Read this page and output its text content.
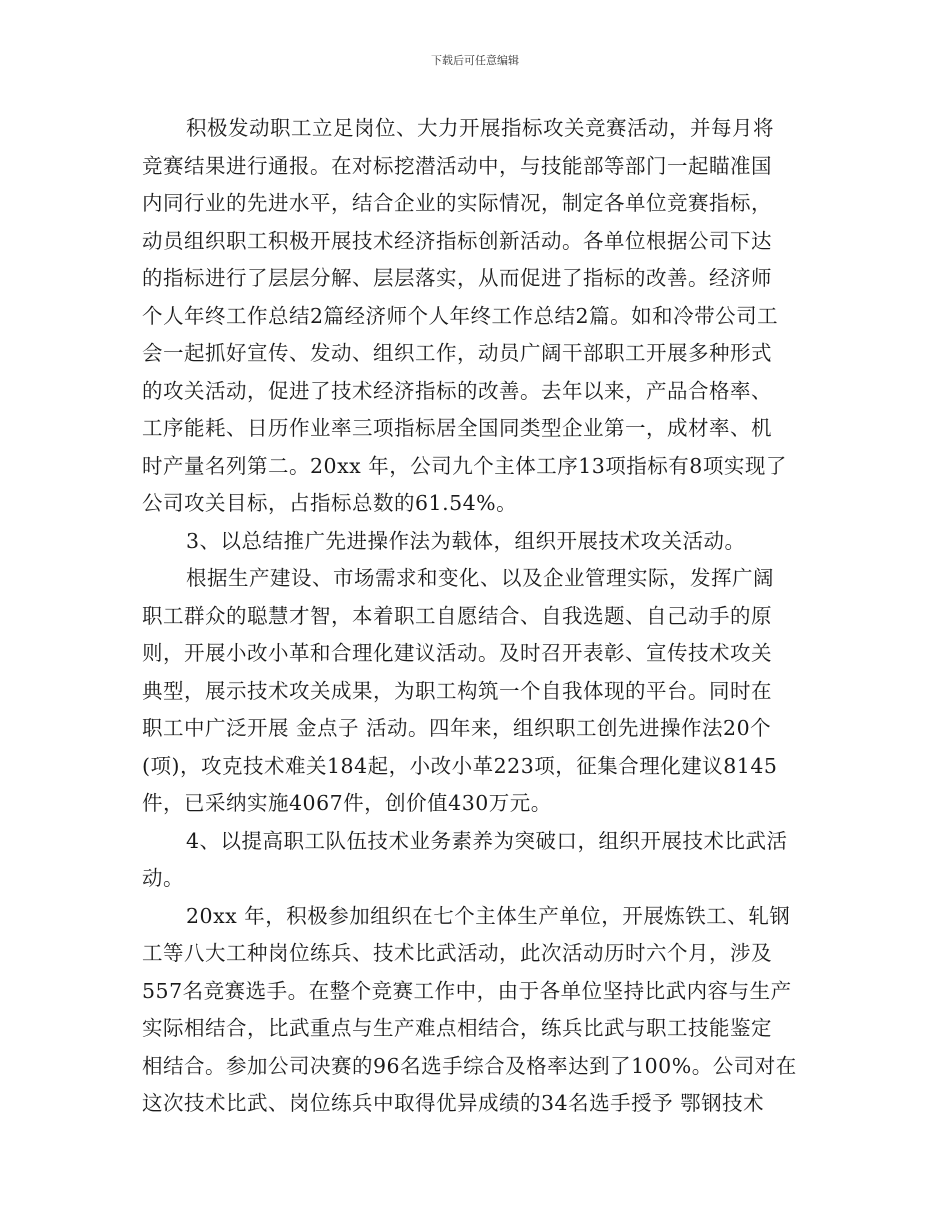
下载后可任意编辑
积极发动职工立足岗位、大力开展指标攻关竞赛活动，并每月将
竞赛结果进行通报。在对标挖潜活动中，与技能部等部门一起瞄准国
内同行业的先进水平，结合企业的实际情况，制定各单位竞赛指标，
动员组织职工积极开展技术经济指标创新活动。各单位根据公司下达
的指标进行了层层分解、层层落实，从而促进了指标的改善。经济师
个人年终工作总结2篇经济师个人年终工作总结2篇。如和冷带公司工
会一起抓好宣传、发动、组织工作，动员广阔干部职工开展多种形式
的攻关活动，促进了技术经济指标的改善。去年以来，产品合格率、
工序能耗、日历作业率三项指标居全国同类型企业第一，成材率、机
时产量名列第二。20xx 年，公司九个主体工序13项指标有8项实现了
公司攻关目标，占指标总数的61.54%。
3、以总结推广先进操作法为载体，组织开展技术攻关活动。
根据生产建设、市场需求和变化、以及企业管理实际，发挥广阔
职工群众的聪慧才智，本着职工自愿结合、自我选题、自己动手的原
则，开展小改小革和合理化建议活动。及时召开表彰、宣传技术攻关
典型，展示技术攻关成果，为职工构筑一个自我体现的平台。同时在
职工中广泛开展 金点子 活动。四年来，组织职工创先进操作法20个
(项)，攻克技术难关184起，小改小革223项，征集合理化建议8145
件，已采纳实施4067件，创价值430万元。
4、以提高职工队伍技术业务素养为突破口，组织开展技术比武活
动。
20xx 年，积极参加组织在七个主体生产单位，开展炼铁工、轧钢
工等八大工种岗位练兵、技术比武活动，此次活动历时六个月，涉及
557名竞赛选手。在整个竞赛工作中，由于各单位坚持比武内容与生产
实际相结合，比武重点与生产难点相结合，练兵比武与职工技能鉴定
相结合。参加公司决赛的96名选手综合及格率达到了100%。公司对在
这次技术比武、岗位练兵中取得优异成绩的34名选手授予 鄂钢技术
